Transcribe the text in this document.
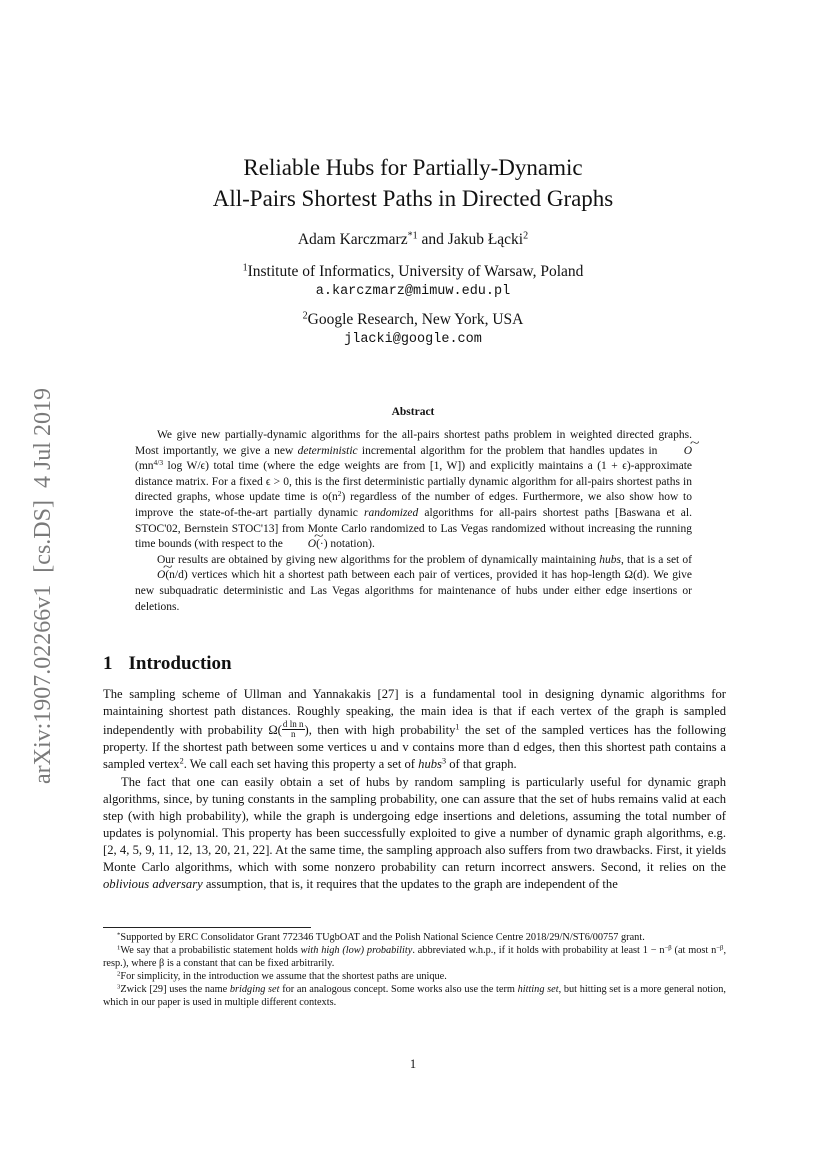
arXiv:1907.02266v1  [cs.DS]  4 Jul 2019
Reliable Hubs for Partially-Dynamic
All-Pairs Shortest Paths in Directed Graphs
Adam Karczmarz$^{*1}$ and Jakub Łącki$^2$
$^1$Institute of Informatics, University of Warsaw, Poland
a.karczmarz@mimuw.edu.pl
$^2$Google Research, New York, USA
jlacki@google.com
Abstract

We give new partially-dynamic algorithms for the all-pairs shortest paths problem in weighted directed graphs. Most importantly, we give a new deterministic incremental algorithm for the problem that handles updates in ~ $O(mn^{4/3}$ log W/ϵ) total time (where the edge weights are from [1, W]) and explicitly maintains a (1 + ϵ)-approximate distance matrix. For a fixed ϵ > 0, this is the first deterministic partially dynamic algorithm for all-pairs shortest paths in directed graphs, whose update time is $o(n^2)$ regardless of the number of edges. Furthermore, we also show how to improve the state-of-the-art partially dynamic randomized algorithms for all-pairs shortest paths [Baswana et al. STOC'02, Bernstein STOC'13] from Monte Carlo randomized to Las Vegas randomized without increasing the running time bounds (with respect to the ~ O(·) notation).

Our results are obtained by giving new algorithms for the problem of dynamically maintaining hubs, that is a set of ~ O(n/d) vertices which hit a shortest path between each pair of vertices, provided it has hop-length Ω(d). We give new subquadratic deterministic and Las Vegas algorithms for maintenance of hubs under either edge insertions or deletions.

1 Introduction

The sampling scheme of Ullman and Yannakakis [27] is a fundamental tool in designing dynamic algorithms for maintaining shortest path distances. Roughly speaking, the main idea is that if each vertex of the graph is sampled independently with probability $\Omega( \frac{\text{d ln n}}{n}$ ), then with high probability$^1$ the set of the sampled vertices has the following property. If the shortest path between some vertices u and v contains more than d edges, then this shortest path contains a sampled vertex$^2$. We call each set having this property a set of hubs$^3$ of that graph.

The fact that one can easily obtain a set of hubs by random sampling is particularly useful for dynamic graph algorithms, since, by tuning constants in the sampling probability, one can assure that the set of hubs remains valid at each step (with high probability), while the graph is undergoing edge insertions and deletions, assuming the total number of updates is polynomial. This property has been successfully exploited to give a number of dynamic graph algorithms, e.g. [2, 4, 5, 9, 11, 12, 13, 20, 21, 22]. At the same time, the sampling approach also suffers from two drawbacks. First, it yields Monte Carlo algorithms, which with some nonzero probability can return incorrect answers. Second, it relies on the oblivious adversary assumption, that is, it requires that the updates to the graph are independent of the

*Supported by ERC Consolidator Grant 772346 TUgbOAT and the Polish National Science Centre 2018/29/N/ST6/00757 grant.

$^1$We say that a probabilistic statement holds with high (low) probability. abbreviated w.h.p., if it holds with probability at least $1 - n^{-\beta}$ (at most $n^{-\beta}$, resp.), where β is a constant that can be fixed arbitrarily.

$^2$For simplicity, in the introduction we assume that the shortest paths are unique.

$^3$Zwick [29] uses the name bridging set for an analogous concept. Some works also use the term hitting set, but hitting set is a more general notion, which in our paper is used in multiple different contexts.

1
